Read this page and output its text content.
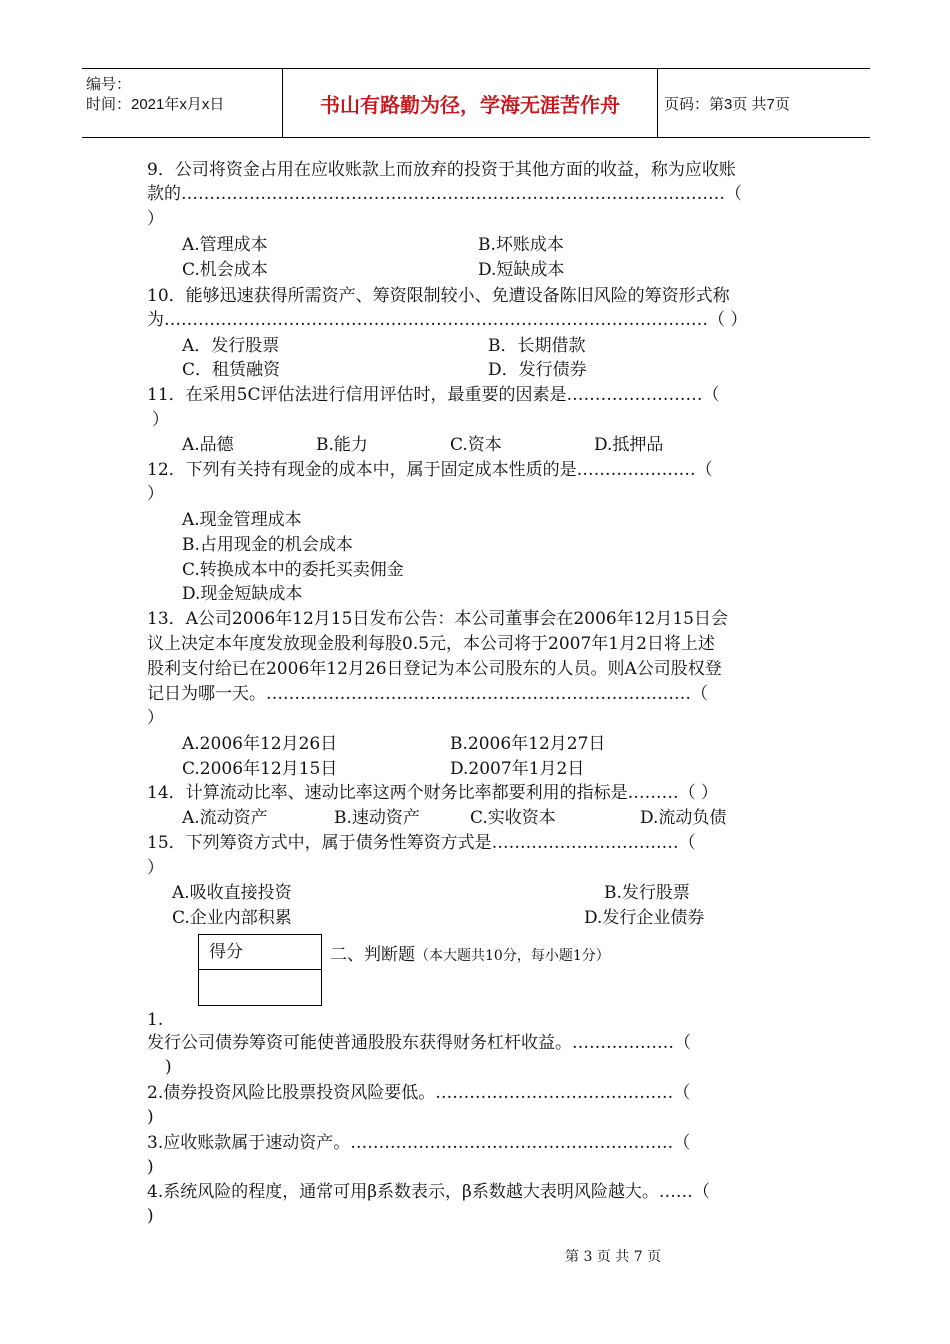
编号：
时间：2021年x月x日	书山有路勤为径，学海无涯苦作舟	页码：第3页 共7页
9．公司将资金占用在应收账款上而放弃的投资于其他方面的收益，称为应收账
款的……………………………………………………………………………………（
）
A.管理成本	B.坏账成本
C.机会成本	D.短缺成本
10．能够迅速获得所需资产、筹资限制较小、免遭设备陈旧风险的筹资形式称
为……………………………………………………………………………………（ ）
A．发行股票	B．长期借款
C．租赁融资	D．发行债券
11．在采用5C评估法进行信用评估时，最重要的因素是……………………（
）
A.品德	B.能力	C.资本	D.抵押品
12．下列有关持有现金的成本中，属于固定成本性质的是…………………（
）
A.现金管理成本
B.占用现金的机会成本
C.转换成本中的委托买卖佣金
D.现金短缺成本
13．A公司2006年12月15日发布公告：本公司董事会在2006年12月15日会
议上决定本年度发放现金股利每股0.5元，本公司将于2007年1月2日将上述
股利支付给已在2006年12月26日登记为本公司股东的人员。则A公司股权登
记日为哪一天。…………………………………………………………………（
）
A.2006年12月26日	B.2006年12月27日
C.2006年12月15日	D.2007年1月2日
14．计算流动比率、速动比率这两个财务比率都要利用的指标是………（ ）
A.流动资产	B.速动资产	C.实收资本	D.流动负债
15．下列筹资方式中，属于债务性筹资方式是……………………………（
）
A.吸收直接投资	B.发行股票
C.企业内部积累	D.发行企业债券
得分	二、判断题（本大题共10分，每小题1分）
1.
发行公司债券筹资可能使普通股股东获得财务杠杆收益。………………（
)
2.债券投资风险比股票投资风险要低。……………………………………（
)
3.应收账款属于速动资产。…………………………………………………（
)
4.系统风险的程度，通常可用β系数表示，β系数越大表明风险越大。……（
)
第 3 页 共 7 页
